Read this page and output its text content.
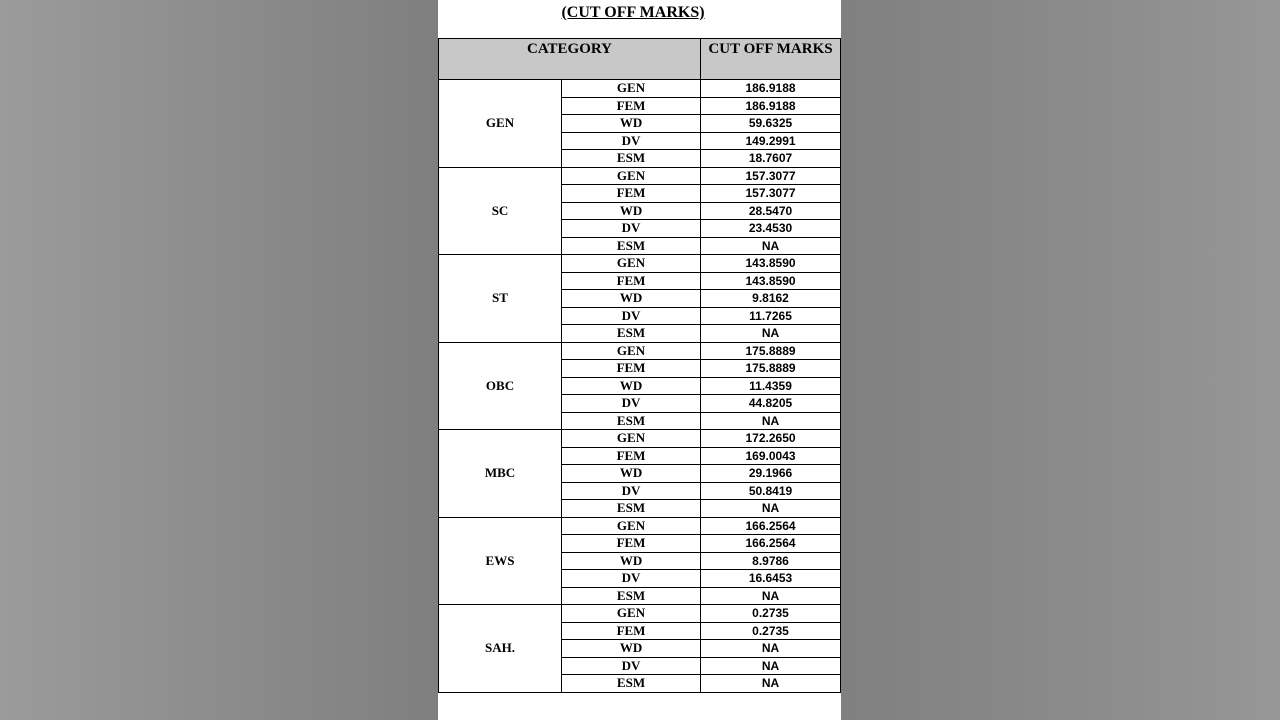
(CUT OFF MARKS)
CATEGORY		CUT OFF MARKS
GEN	GEN	186.9188
	FEM	186.9188
	WD	59.6325
	DV	149.2991
	ESM	18.7607
SC	GEN	157.3077
	FEM	157.3077
	WD	28.5470
	DV	23.4530
	ESM	NA
ST	GEN	143.8590
	FEM	143.8590
	WD	9.8162
	DV	11.7265
	ESM	NA
OBC	GEN	175.8889
	FEM	175.8889
	WD	11.4359
	DV	44.8205
	ESM	NA
MBC	GEN	172.2650
	FEM	169.0043
	WD	29.1966
	DV	50.8419
	ESM	NA
EWS	GEN	166.2564
	FEM	166.2564
	WD	8.9786
	DV	16.6453
	ESM	NA
SAH.	GEN	0.2735
	FEM	0.2735
	WD	NA
	DV	NA
	ESM	NA
